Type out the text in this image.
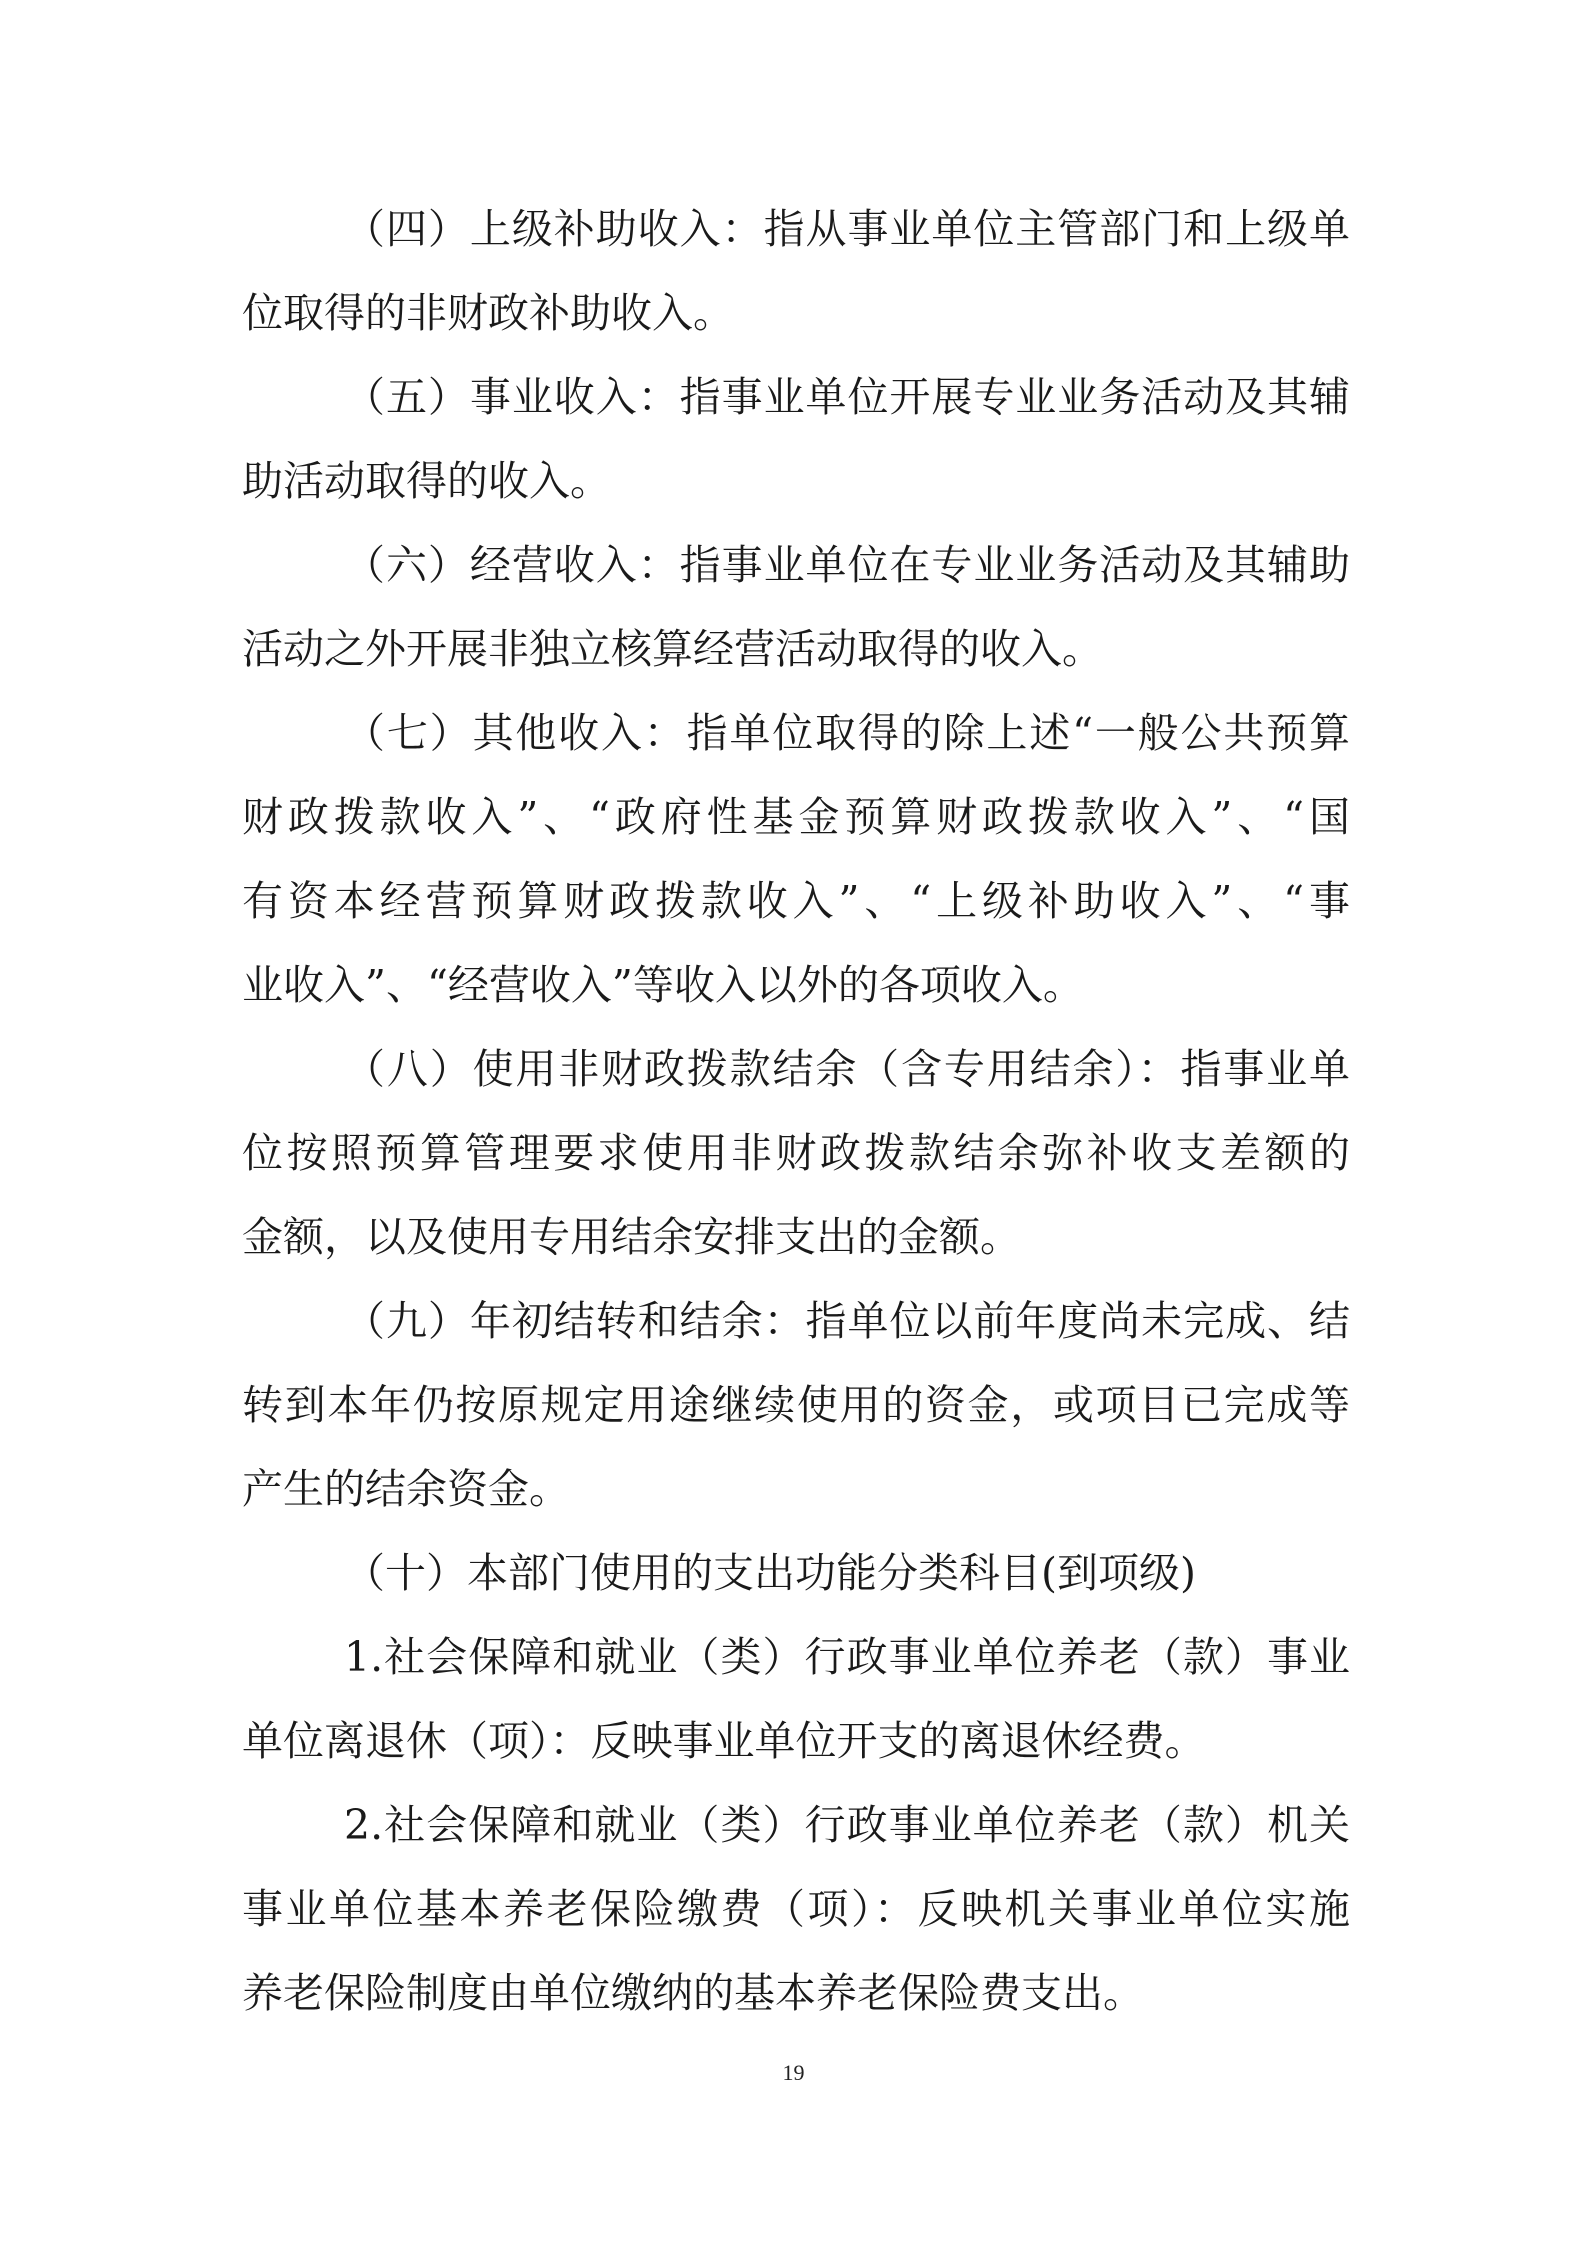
（四）上级补助收入：指从事业单位主管部门和上级单
位取得的非财政补助收入。
（五）事业收入：指事业单位开展专业业务活动及其辅
助活动取得的收入。
（六）经营收入：指事业单位在专业业务活动及其辅助
活动之外开展非独立核算经营活动取得的收入。
（七）其他收入：指单位取得的除上述“一般公共预算
财政拨款收入”、“政府性基金预算财政拨款收入”、“国
有资本经营预算财政拨款收入”、“上级补助收入”、“事
业收入”、“经营收入”等收入以外的各项收入。
（八）使用非财政拨款结余（含专用结余）：指事业单
位按照预算管理要求使用非财政拨款结余弥补收支差额的
金额，以及使用专用结余安排支出的金额。
（九）年初结转和结余：指单位以前年度尚未完成、结
转到本年仍按原规定用途继续使用的资金，或项目已完成等
产生的结余资金。
（十）本部门使用的支出功能分类科目(到项级)
1.社会保障和就业（类）行政事业单位养老（款）事业
单位离退休（项）：反映事业单位开支的离退休经费。
2.社会保障和就业（类）行政事业单位养老（款）机关
事业单位基本养老保险缴费（项）：反映机关事业单位实施
养老保险制度由单位缴纳的基本养老保险费支出。
19
